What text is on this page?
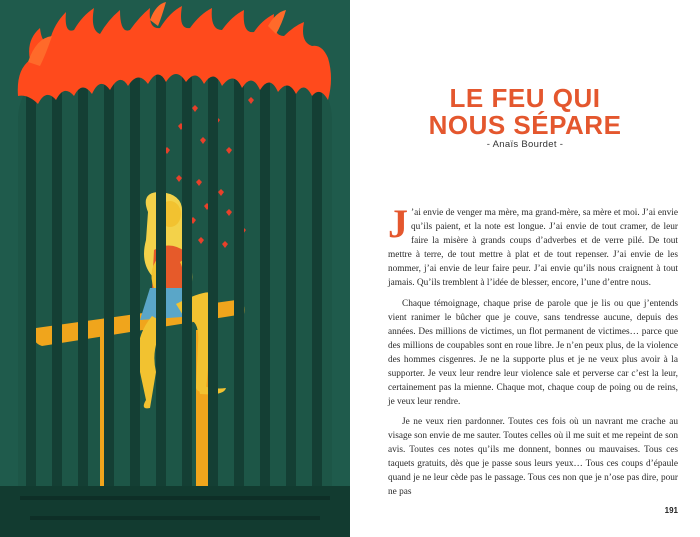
LE FEU QUI
NOUS SÉPARE
- Anaïs Bourdet -
J ’ai envie de venger ma mère, ma grand-mère, sa mère et moi. J’ai envie qu’ils paient, et la note est longue. J’ai envie de tout cramer, de leur faire la misère à grands coups d’adverbes et de verre pilé. De tout mettre à terre, de tout mettre à plat et de tout repenser. J’ai envie de les nommer, j’ai envie de leur faire peur. J’ai envie qu’ils nous craignent à tout jamais. Qu’ils tremblent à l’idée de blesser, encore, l’une d’entre nous.
Chaque témoignage, chaque prise de parole que je lis ou que j’entends vient ranimer le bûcher que je couve, sans tendresse aucune, depuis des années. Des millions de victimes, un flot permanent de victimes… parce que des millions de coupables sont en roue libre. Je n’en peux plus, de la violence des hommes cisgenres. Je ne la supporte plus et je ne veux plus avoir à la supporter. Je veux leur rendre leur violence sale et perverse car c’est la leur, certainement pas la mienne. Chaque mot, chaque coup de poing ou de reins, je veux leur rendre.
Je ne veux rien pardonner. Toutes ces fois où un navrant me crache au visage son envie de me sauter. Toutes celles où il me suit et me repeint de son avis. Toutes ces notes qu’ils me donnent, bonnes ou mauvaises. Tous ces taquets gratuits, dès que je passe sous leurs yeux… Tous ces coups d’épaule quand je ne leur cède pas le passage. Tous ces non que je n’ose pas dire, pour ne pas
191
